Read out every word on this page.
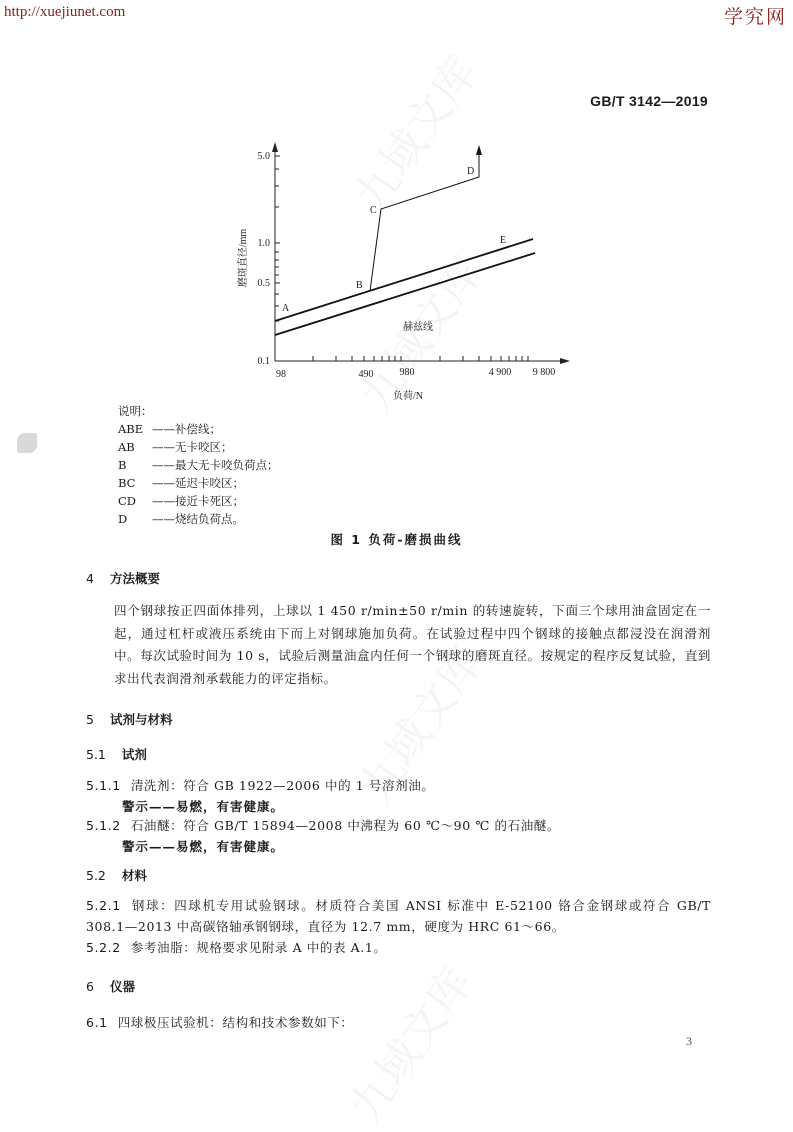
http://xuejiunet.com	学究网
GB/T 3142—2019
5.0
1.0
0.5
0.1
98	490	980	4 900 9 800
负荷/N
磨斑直径/mm
A
B
C
D
E
赫兹线
说明：
ABE ——补偿线；
AB	——无卡咬区；
B	——最大无卡咬负荷点；
BC	——延迟卡咬区；
CD	——接近卡死区；
D	——烧结负荷点。
图 1 负荷-磨损曲线
4 方法概要
四个钢球按正四面体排列，上球以 1 450 r/min±50 r/min 的转速旋转，下面三个球用油盒固定在一起，通过杠杆或液压系统由下而上对钢球施加负荷。在试验过程中四个钢球的接触点都浸没在润滑剂中。每次试验时间为 10 s，试验后测量油盒内任何一个钢球的磨斑直径。按规定的程序反复试验，直到求出代表润滑剂承载能力的评定指标。
5 试剂与材料
5.1 试剂
5.1.1 清洗剂：符合 GB 1922—2006 中的 1 号溶剂油。
警示——易燃，有害健康。
5.1.2 石油醚：符合 GB/T 15894—2008 中沸程为 60 ℃～90 ℃ 的石油醚。
警示——易燃，有害健康。
5.2 材料
5.2.1 钢球：四球机专用试验钢球。材质符合美国 ANSI 标准中 E-52100 铬合金钢球或符合 GB/T 308.1—2013 中高碳铬轴承钢钢球，直径为 12.7 mm，硬度为 HRC 61～66。
5.2.2 参考油脂：规格要求见附录 A 中的表 A.1。
6 仪器
6.1 四球极压试验机：结构和技术参数如下：
3
